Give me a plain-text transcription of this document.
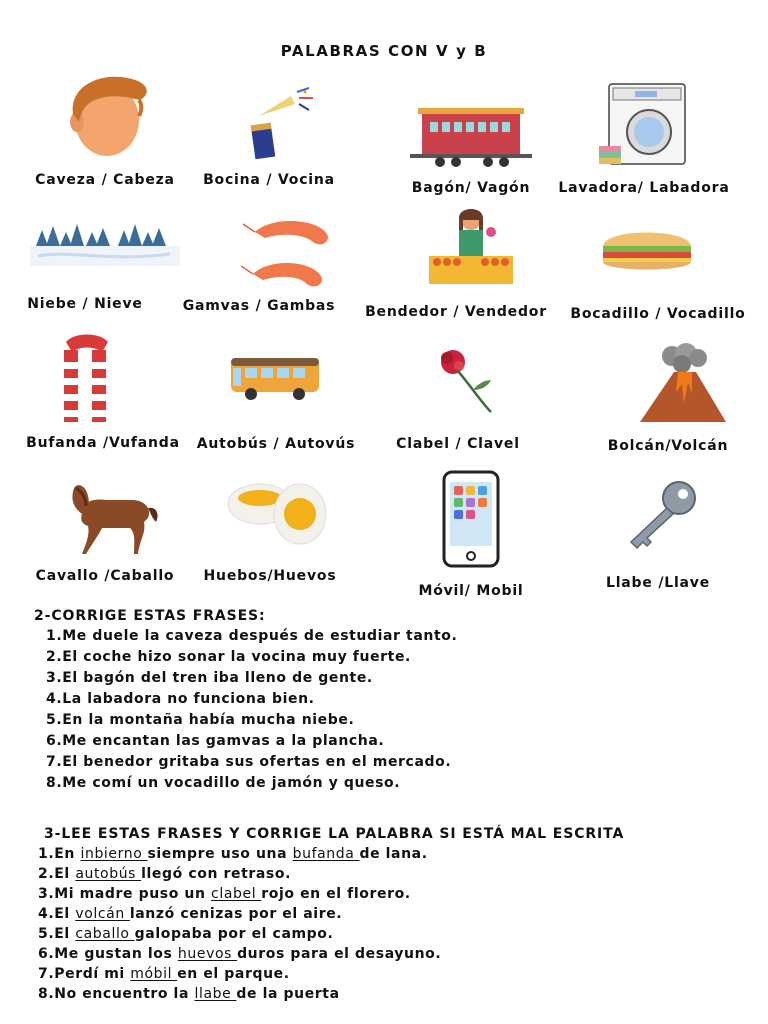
PALABRAS CON V y B
Caveza / Cabeza	Bocina / Vocina	Bagón/ Vagón	Lavadora/ Labadora
Niebe / Nieve	Gamvas / Gambas	Bendedor / Vendedor	Bocadillo / Vocadillo
Bufanda /Vufanda	Autobús / Autovús	Clabel / Clavel	Bolcán/Volcán
Cavallo /Caballo	Huebos/Huevos
Móvil/ Mobil	Llabe /Llave
2-CORRIGE ESTAS FRASES:
1.Me duele la caveza después de estudiar tanto.
2.El coche hizo sonar la vocina muy fuerte.
3.El bagón del tren iba lleno de gente.
4.La labadora no funciona bien.
5.En la montaña había mucha niebe.
6.Me encantan las gamvas a la plancha.
7.El benedor gritaba sus ofertas en el mercado.
8.Me comí un vocadillo de jamón y queso.
3-LEE ESTAS FRASES Y CORRIGE LA PALABRA SI ESTÁ MAL ESCRITA
1.En inbierno siempre uso una bufanda de lana.
2.El autobús llegó con retraso.
3.Mi madre puso un clabel rojo en el florero.
4.El volcán lanzó cenizas por el aire.
5.El caballo galopaba por el campo.
6.Me gustan los huevos duros para el desayuno.
7.Perdí mi móbil en el parque.
8.No encuentro la llabe de la puerta
